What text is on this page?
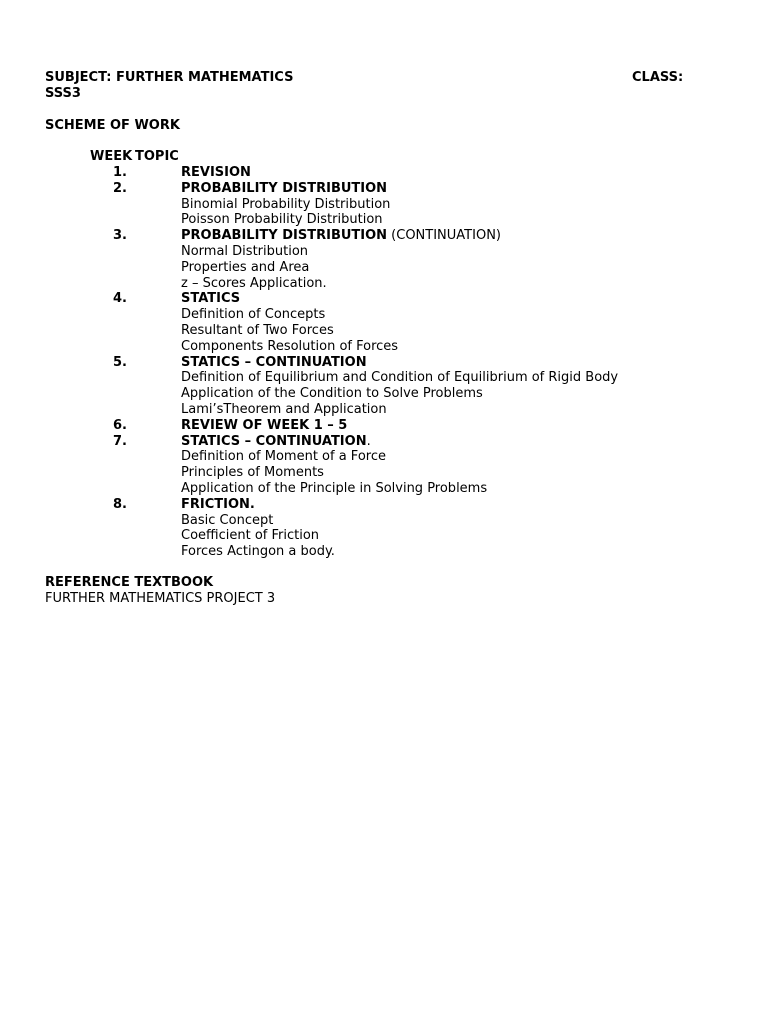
SUBJECT: FURTHER MATHEMATICS	CLASS:
SSS3
SCHEME OF WORK
WEEK TOPIC
1.	REVISION
2.	PROBABILITY DISTRIBUTION
Binomial Probability Distribution
Poisson Probability Distribution
3.	PROBABILITY DISTRIBUTION (CONTINUATION)
Normal Distribution
Properties and Area
z – Scores Application.
4.	STATICS
Definition of Concepts
Resultant of Two Forces
Components Resolution of Forces
5.	STATICS – CONTINUATION
Definition of Equilibrium and Condition of Equilibrium of Rigid Body
Application of the Condition to Solve Problems
Lami’sTheorem and Application
6.	REVIEW OF WEEK 1 – 5
7.	STATICS – CONTINUATION.
Definition of Moment of a Force
Principles of Moments
Application of the Principle in Solving Problems
8.	FRICTION.
Basic Concept
Coefficient of Friction
Forces Actingon a body.
REFERENCE TEXTBOOK
FURTHER MATHEMATICS PROJECT 3
